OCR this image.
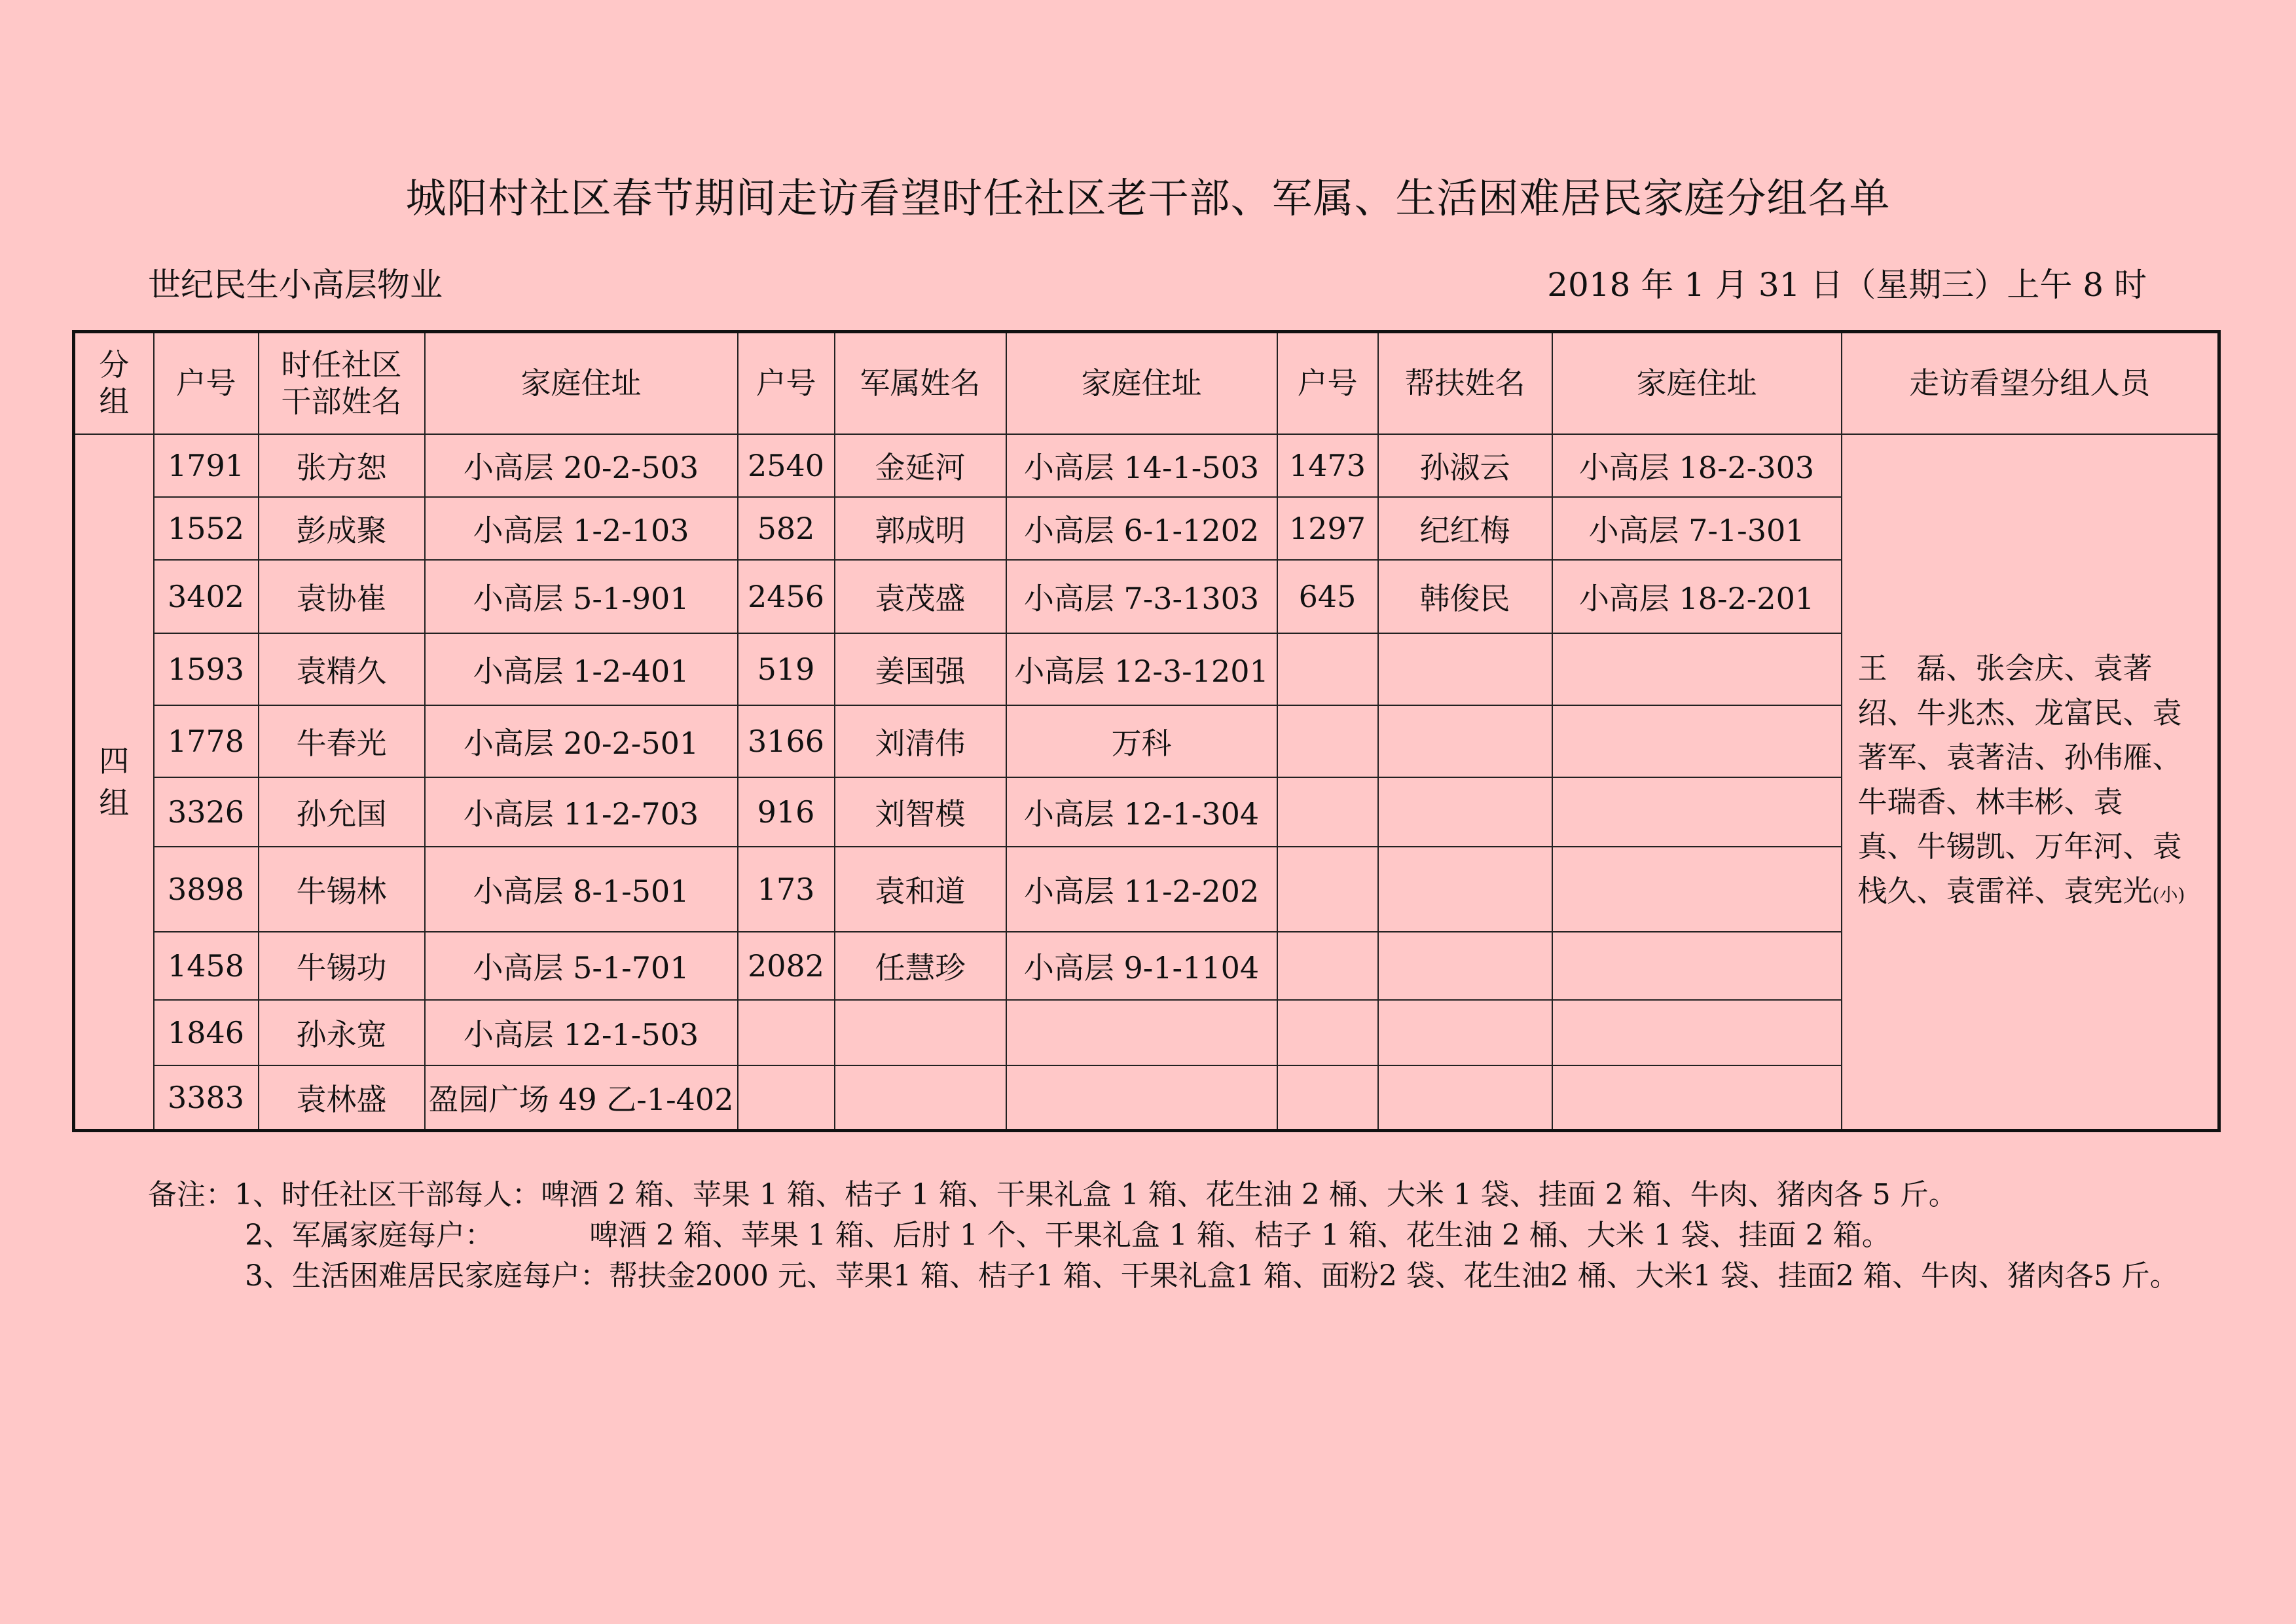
城阳村社区春节期间走访看望时任社区老干部、军属、生活困难居民家庭分组名单
世纪民生小高层物业	2018 年 1 月 31 日（星期三）上午 8 时
分组	户号	时任社区干部姓名	家庭住址	户号	军属姓名	家庭住址	户号	帮扶姓名	家庭住址	走访看望分组人员
四组	1791	张方恕	小高层 20-2-503	2540	金延河	小高层 14-1-503	1473	孙淑云	小高层 18-2-303	王　磊、张会庆、袁著绍、牛兆杰、龙富民、袁著军、袁著洁、孙伟雁、牛瑞香、林丰彬、袁　真、牛锡凯、万年河、袁栈久、袁雷祥、袁宪光(小)
	1552	彭成聚	小高层 1-2-103	582	郭成明	小高层 6-1-1202	1297	纪红梅	小高层 7-1-301	
	3402	袁协崔	小高层 5-1-901	2456	袁茂盛	小高层 7-3-1303	645	韩俊民	小高层 18-2-201	
	1593	袁精久	小高层 1-2-401	519	姜国强	小高层 12-3-1201				
	1778	牛春光	小高层 20-2-501	3166	刘清伟	万科				
	3326	孙允国	小高层 11-2-703	916	刘智模	小高层 12-1-304				
	3898	牛锡林	小高层 8-1-501	173	袁和道	小高层 11-2-202				
	1458	牛锡功	小高层 5-1-701	2082	任慧珍	小高层 9-1-1104				
	1846	孙永宽	小高层 12-1-503							
	3383	袁林盛	盈园广场 49 乙-1-402							
备注：1、时任社区干部每人：啤酒 2 箱、苹果 1 箱、桔子 1 箱、干果礼盒 1 箱、花生油 2 桶、大米 1 袋、挂面 2 箱、牛肉、猪肉各 5 斤。
2、军属家庭每户：	啤酒 2 箱、苹果 1 箱、后肘 1 个、干果礼盒 1 箱、桔子 1 箱、花生油 2 桶、大米 1 袋、挂面 2 箱。
3、生活困难居民家庭每户：帮扶金2000 元、苹果1 箱、桔子1 箱、干果礼盒1 箱、面粉2 袋、花生油2 桶、大米1 袋、挂面2 箱、牛肉、猪肉各5 斤。
